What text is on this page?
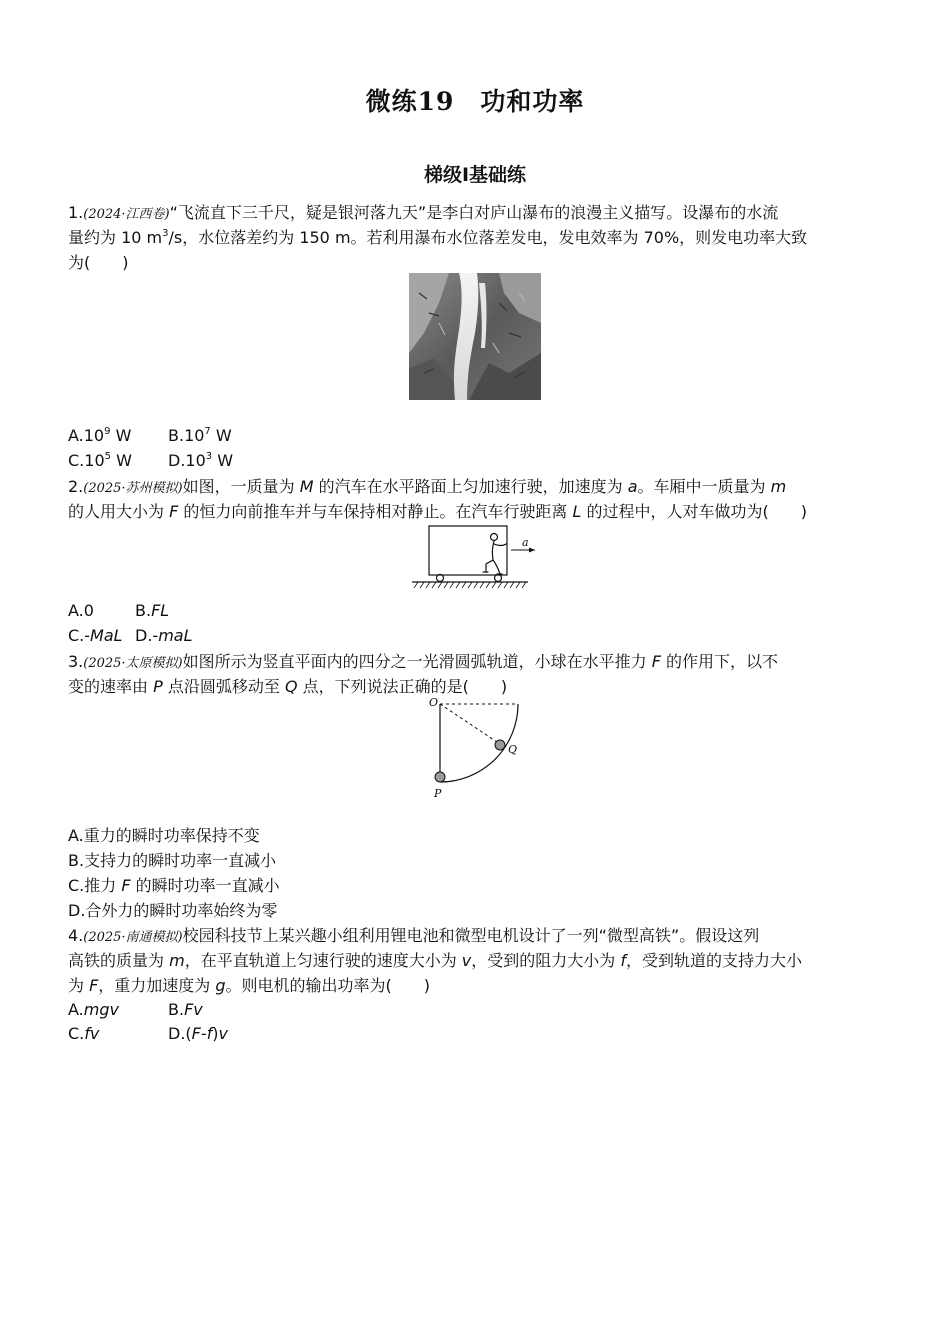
微练19　功和功率
梯级Ⅰ基础练
1.(2024·江西卷)“飞流直下三千尺，疑是银河落九天”是李白对庐山瀑布的浪漫主义描写。设瀑布的水流
量约为 10 $m^3/s$，水位落差约为 150 m。若利用瀑布水位落差发电，发电效率为 70%，则发电功率大致
为(　　)
$A.10^9$ W $B.10^7$ W
$C.10^5$ W $D.10^3$ W
2.(2025·苏州模拟)如图，一质量为 M 的汽车在水平路面上匀加速行驶，加速度为 a。车厢中一质量为 m
的人用大小为 F 的恒力向前推车并与车保持相对静止。在汽车行驶距离 L 的过程中，人对车做功为(　　)
a
A.0	B.FL
C.-MaL D.-maL
3.(2025·太原模拟)如图所示为竖直平面内的四分之一光滑圆弧轨道，小球在水平推力 F 的作用下，以不
变的速率由 P 点沿圆弧移动至 Q 点，下列说法正确的是(　　)
O
Q
P
A.重力的瞬时功率保持不变
B.支持力的瞬时功率一直减小
C.推力 F 的瞬时功率一直减小
D.合外力的瞬时功率始终为零
4.(2025·南通模拟)校园科技节上某兴趣小组利用锂电池和微型电机设计了一列“微型高铁”。假设这列
高铁的质量为 m，在平直轨道上匀速行驶的速度大小为 v，受到的阻力大小为 f，受到轨道的支持力大小
为 F，重力加速度为 g。则电机的输出功率为(　　)
A.mgv	B.Fv
C.fv	D.(F-f)v
